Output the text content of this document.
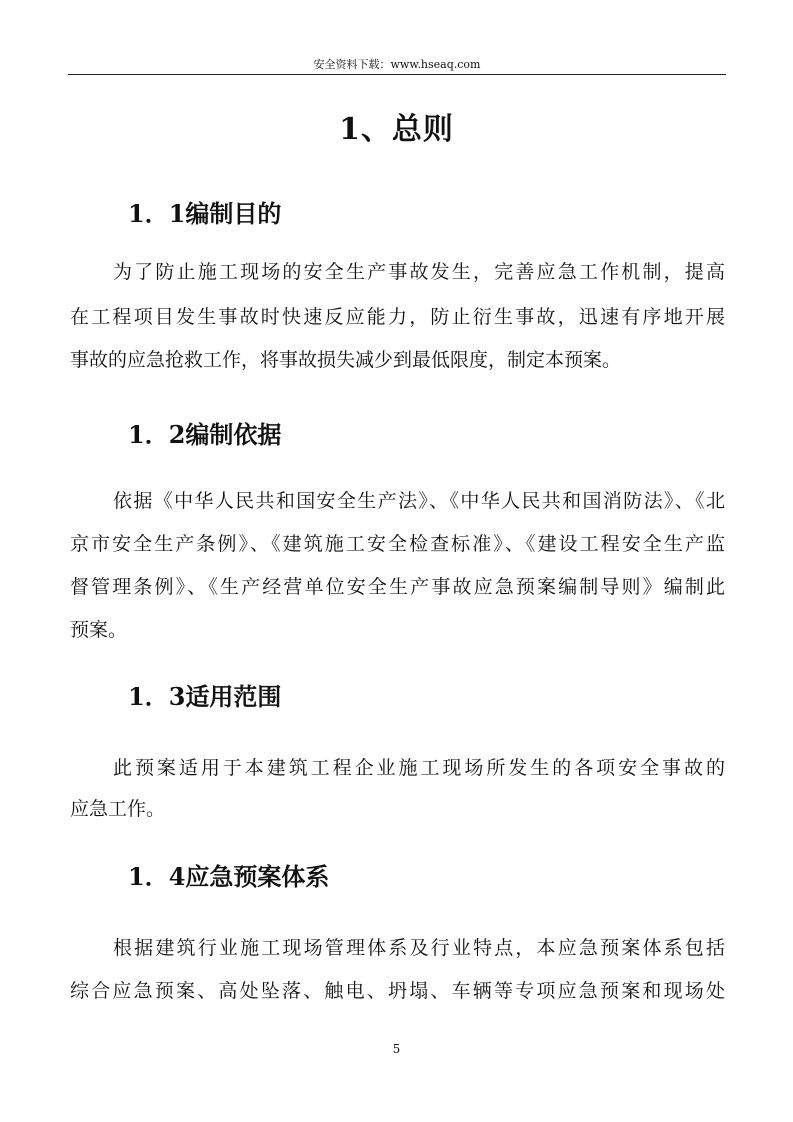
安全资料下载：www.hseaq.com
1、总则
1．1编制目的
为了防止施工现场的安全生产事故发生，完善应急工作机制，提高
在工程项目发生事故时快速反应能力，防止衍生事故，迅速有序地开展
事故的应急抢救工作，将事故损失减少到最低限度，制定本预案。
1．2编制依据
依据《中华人民共和国安全生产法》、《中华人民共和国消防法》、《北
京市安全生产条例》、《建筑施工安全检查标准》、《建设工程安全生产监
督管理条例》、《生产经营单位安全生产事故应急预案编制导则》编制此
预案。
1．3适用范围
此预案适用于本建筑工程企业施工现场所发生的各项安全事故的
应急工作。
1．4应急预案体系
根据建筑行业施工现场管理体系及行业特点，本应急预案体系包括
综合应急预案、高处坠落、触电、坍塌、车辆等专项应急预案和现场处
5
